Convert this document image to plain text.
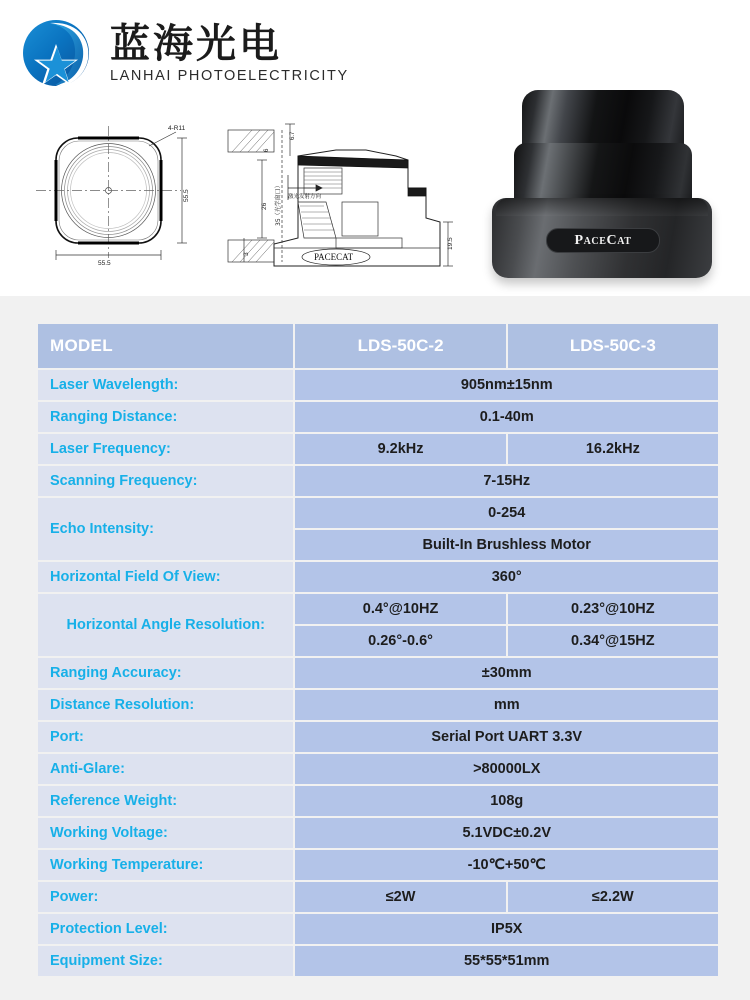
蓝海光电
LANHAI PHOTOELECTRICITY
4-R11
55.5
55.5
6.7
6
35（光学窗口）
26
3
19.5
激光发射方向
PACECAT
PaceCat
MODEL	LDS-50C-2	LDS-50C-3
Laser Wavelength:	905nm±15nm	
Ranging Distance:	0.1-40m	
Laser Frequency:	9.2kHz	16.2kHz
Scanning Frequency:	7-15Hz	
Echo Intensity:	0-254	
	Built-In Brushless Motor	
Horizontal Field Of View:	360°	
Horizontal Angle Resolution:	0.4°@10HZ	0.23°@10HZ
	0.26°-0.6°	0.34°@15HZ
Ranging Accuracy:	±30mm	
Distance Resolution:	mm	
Port:	Serial Port UART 3.3V	
Anti-Glare:	>80000LX	
Reference Weight:	108g	
Working Voltage:	5.1VDC±0.2V	
Working Temperature:	-10℃+50℃	
Power:	≤2W	≤2.2W
Protection Level:	IP5X	
Equipment Size:	55*55*51mm	
